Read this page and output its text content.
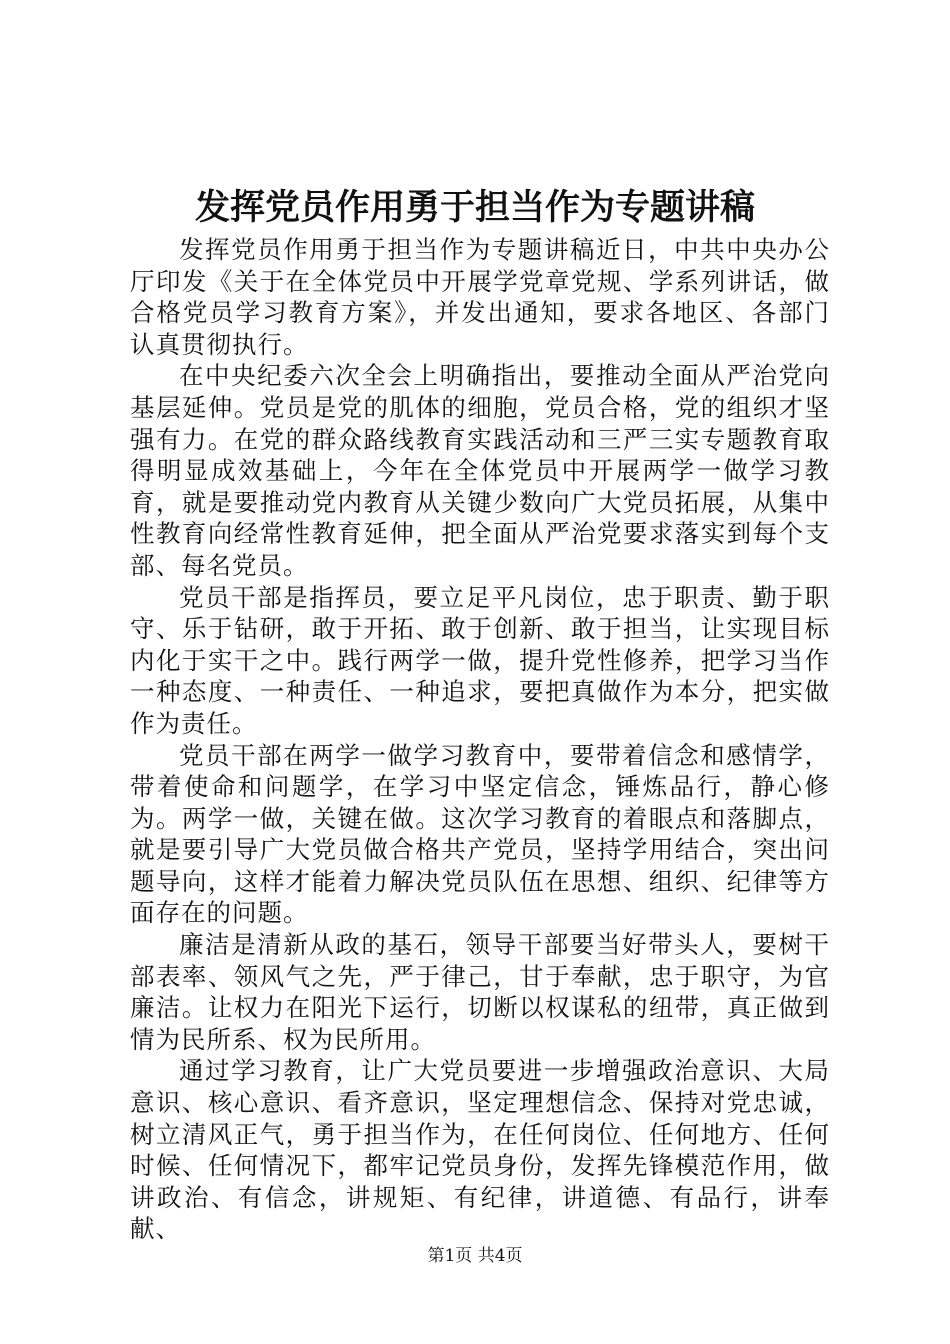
发挥党员作用勇于担当作为专题讲稿

发挥党员作用勇于担当作为专题讲稿近日，中共中央办公厅印发《关于在全体党员中开展学党章党规、学系列讲话，做合格党员学习教育方案》，并发出通知，要求各地区、各部门认真贯彻执行。

在中央纪委六次全会上明确指出，要推动全面从严治党向基层延伸。党员是党的肌体的细胞，党员合格，党的组织才坚强有力。在党的群众路线教育实践活动和三严三实专题教育取得明显成效基础上，今年在全体党员中开展两学一做学习教育，就是要推动党内教育从关键少数向广大党员拓展，从集中性教育向经常性教育延伸，把全面从严治党要求落实到每个支部、每名党员。

党员干部是指挥员，要立足平凡岗位，忠于职责、勤于职守、乐于钻研，敢于开拓、敢于创新、敢于担当，让实现目标内化于实干之中。践行两学一做，提升党性修养，把学习当作一种态度、一种责任、一种追求，要把真做作为本分，把实做作为责任。

党员干部在两学一做学习教育中，要带着信念和感情学，带着使命和问题学，在学习中坚定信念，锤炼品行，静心修为。两学一做，关键在做。这次学习教育的着眼点和落脚点，就是要引导广大党员做合格共产党员，坚持学用结合，突出问题导向，这样才能着力解决党员队伍在思想、组织、纪律等方面存在的问题。

廉洁是清新从政的基石，领导干部要当好带头人，要树干部表率、领风气之先，严于律己，甘于奉献，忠于职守，为官廉洁。让权力在阳光下运行，切断以权谋私的纽带，真正做到情为民所系、权为民所用。

通过学习教育，让广大党员要进一步增强政治意识、大局意识、核心意识、看齐意识，坚定理想信念、保持对党忠诚，树立清风正气，勇于担当作为，在任何岗位、任何地方、任何时候、任何情况下，都牢记党员身份，发挥先锋模范作用，做讲政治、有信念，讲规矩、有纪律，讲道德、有品行，讲奉献、

第1页 共4页
